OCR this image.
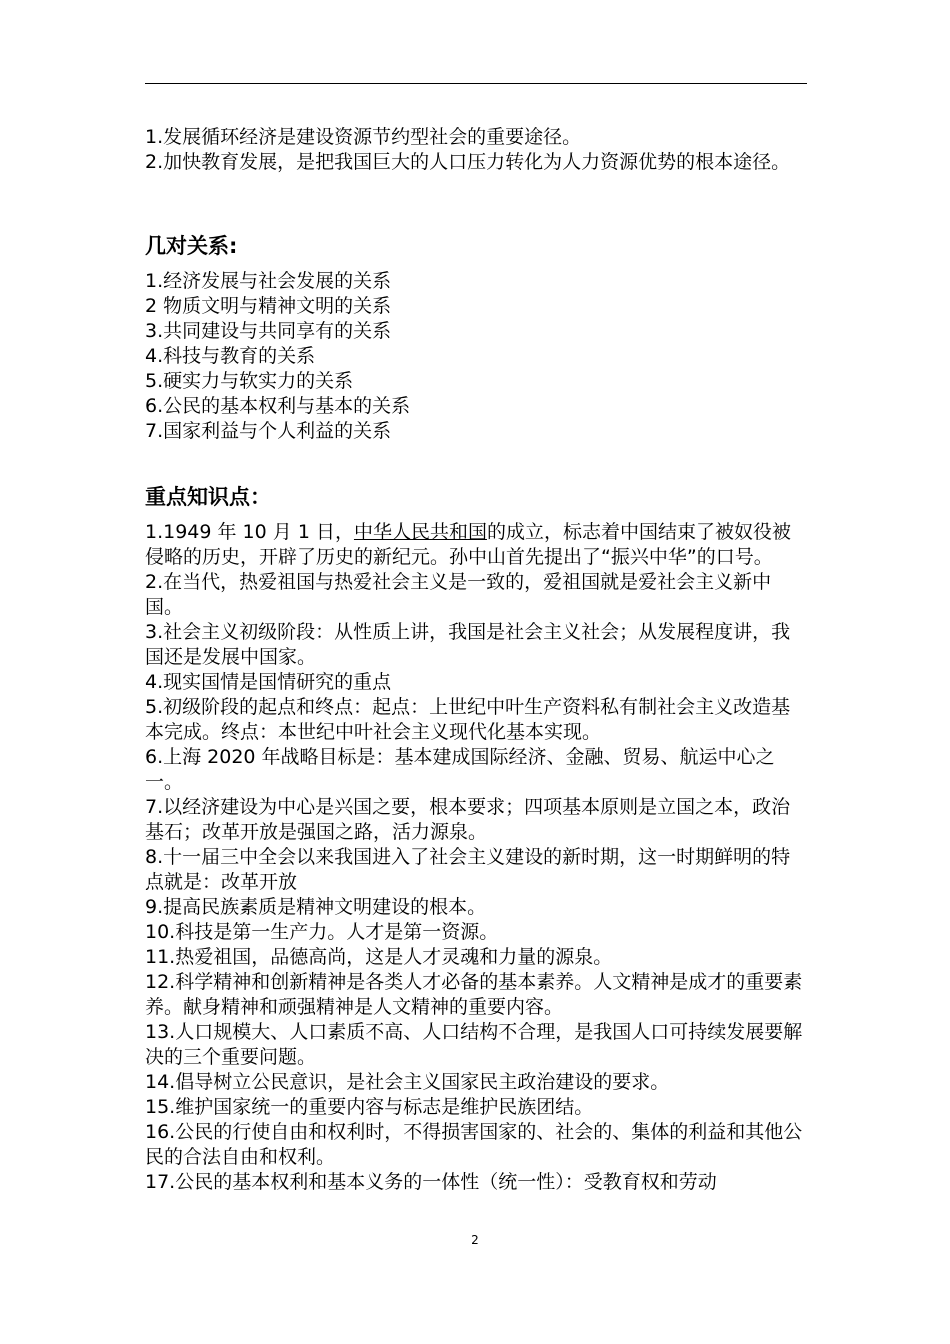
1.发展循环经济是建设资源节约型社会的重要途径。

2.加快教育发展，是把我国巨大的人口压力转化为人力资源优势的根本途径。

几对关系:

1.经济发展与社会发展的关系

2 物质文明与精神文明的关系

3.共同建设与共同享有的关系

4.科技与教育的关系

5.硬实力与软实力的关系

6.公民的基本权利与基本的关系

7.国家利益与个人利益的关系

重点知识点：

1.1949 年 10 月 1 日，中华人民共和国的成立，标志着中国结束了被奴役被侵略的历史，开辟了历史的新纪元。孙中山首先提出了“振兴中华”的口号。

2.在当代，热爱祖国与热爱社会主义是一致的，爱祖国就是爱社会主义新中国。

3.社会主义初级阶段：从性质上讲，我国是社会主义社会；从发展程度讲，我国还是发展中国家。

4.现实国情是国情研究的重点

5.初级阶段的起点和终点：起点：上世纪中叶生产资料私有制社会主义改造基本完成。终点：本世纪中叶社会主义现代化基本实现。

6.上海 2020 年战略目标是：基本建成国际经济、金融、贸易、航运中心之一。

7.以经济建设为中心是兴国之要，根本要求；四项基本原则是立国之本，政治基石；改革开放是强国之路，活力源泉。

8.十一届三中全会以来我国进入了社会主义建设的新时期，这一时期鲜明的特点就是：改革开放

9.提高民族素质是精神文明建设的根本。

10.科技是第一生产力。人才是第一资源。

11.热爱祖国，品德高尚，这是人才灵魂和力量的源泉。

12.科学精神和创新精神是各类人才必备的基本素养。人文精神是成才的重要素养。献身精神和顽强精神是人文精神的重要内容。

13.人口规模大、人口素质不高、人口结构不合理，是我国人口可持续发展要解决的三个重要问题。

14.倡导树立公民意识，是社会主义国家民主政治建设的要求。

15.维护国家统一的重要内容与标志是维护民族团结。

16.公民的行使自由和权利时，不得损害国家的、社会的、集体的利益和其他公民的合法自由和权利。

17.公民的基本权利和基本义务的一体性（统一性）：受教育权和劳动

2
